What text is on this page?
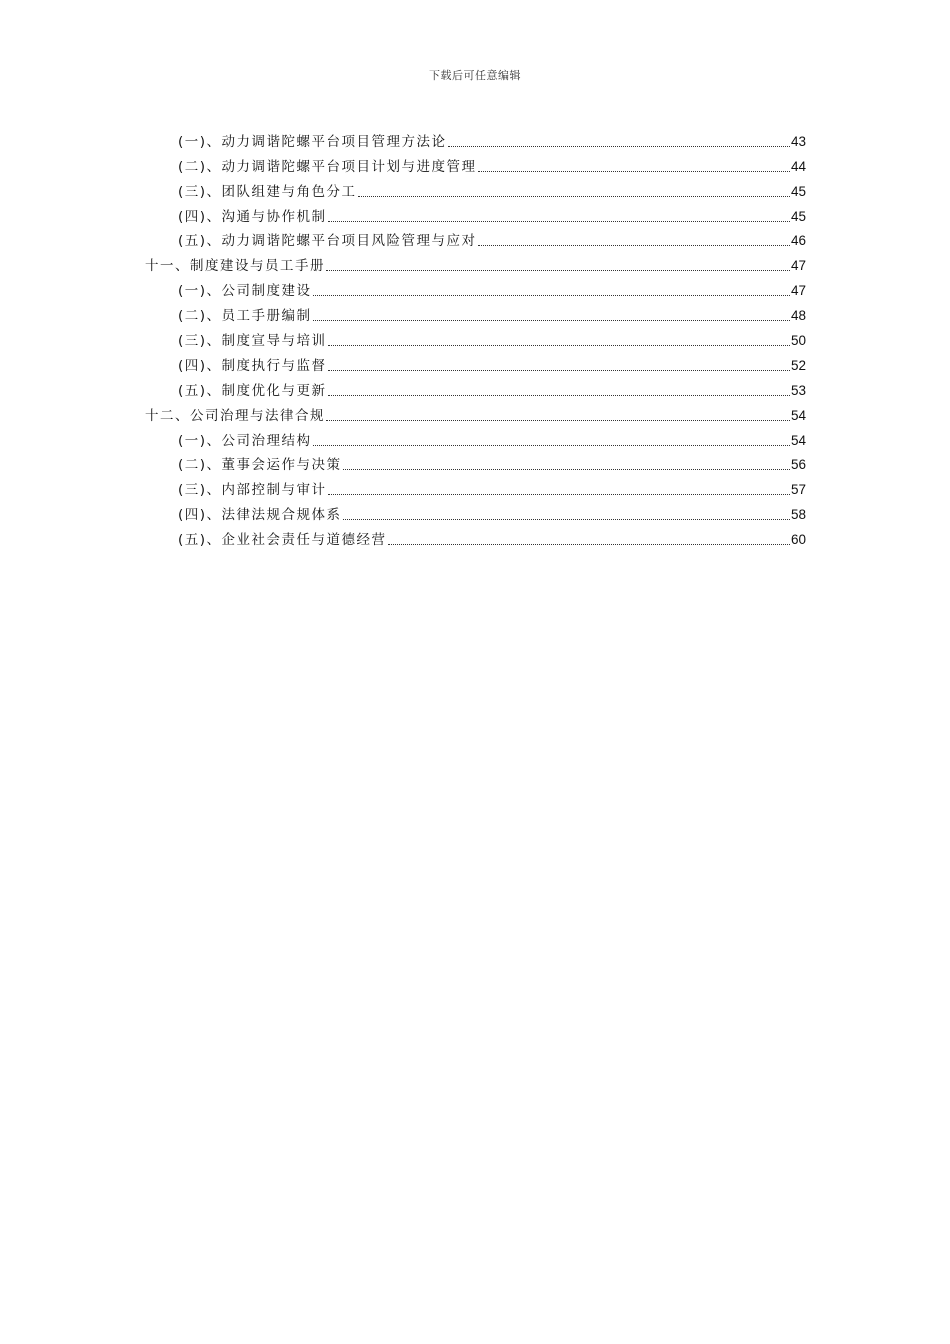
下载后可任意编辑
(一)、动力调谐陀螺平台项目管理方法论	43
(二)、动力调谐陀螺平台项目计划与进度管理	44
(三)、团队组建与角色分工	45
(四)、沟通与协作机制	45
(五)、动力调谐陀螺平台项目风险管理与应对	46
十一、制度建设与员工手册	47
(一)、公司制度建设	47
(二)、员工手册编制	48
(三)、制度宣导与培训	50
(四)、制度执行与监督	52
(五)、制度优化与更新	53
十二、公司治理与法律合规	54
(一)、公司治理结构	54
(二)、董事会运作与决策	56
(三)、内部控制与审计	57
(四)、法律法规合规体系	58
(五)、企业社会责任与道德经营	60
